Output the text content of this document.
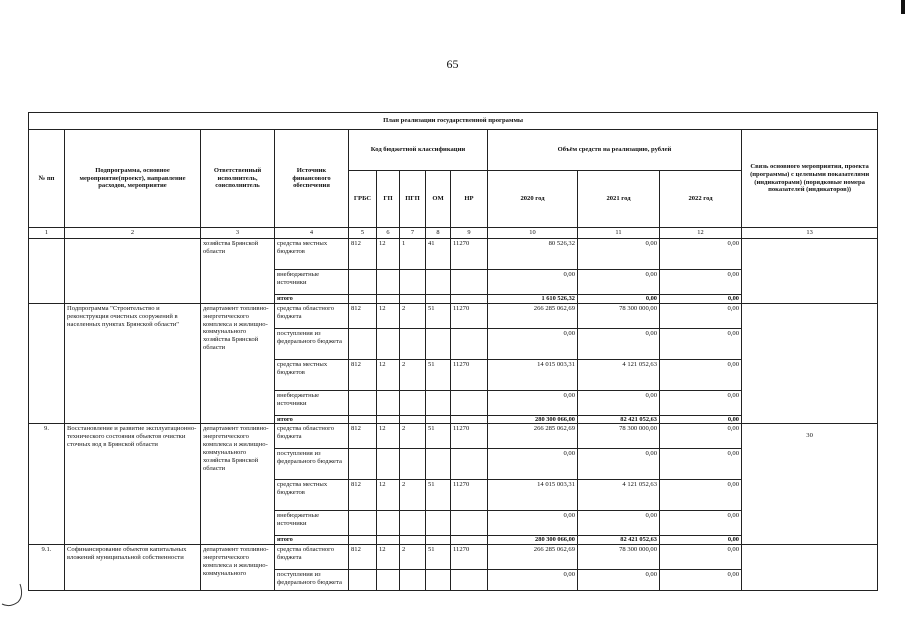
65
План реализации государственной программы												
№ пп	Подпрограмма, основное мероприятие(проект), направление расходов, мероприятие	Ответственный исполнитель, соисполнитель	Источник финансового обеспечения	Код бюджетной классификации					Объём средств на реализацию, рублей			Связь основного мероприятия, проекта (программы) с целевыми показателями (индикаторами) (порядковые номера показателей (индикаторов))
				ГРБС	ГП	ПГП	ОМ	НР	2020 год	2021 год	2022 год	
1	2	3	4	5	6	7	8	9	10	11	12	13
		хозяйства Брянской области	средства местных бюджетов	812	12	1	41	11270	80 526,32	0,00	0,00	
			внебюджетные источники						0,00	0,00	0,00	
			итого						1 610 526,32	0,00	0,00	
	Подпрограмма "Строительство и реконструкция очистных сооружений в населенных пунктах Брянской области"	департамент топливно-энергетического комплекса и жилищно-коммунального хозяйства Брянской области	средства областного бюджета	812	12	2	51	11270	266 285 062,69	78 300 000,00	0,00	
			поступления из федерального бюджета						0,00	0,00	0,00	
			средства местных бюджетов	812	12	2	51	11270	14 015 003,31	4 121 052,63	0,00	
			внебюджетные источники						0,00	0,00	0,00	
			итого						280 300 066,00	82 421 052,63	0,00	
9.	Восстановление и развитие эксплуатационно-технического состояния объектов очистки сточных вод в Брянской области	департамент топливно-энергетического комплекса и жилищно-коммунального хозяйства Брянской области	средства областного бюджета	812	12	2	51	11270	266 285 062,69	78 300 000,00	0,00	30
			поступления из федерального бюджета						0,00	0,00	0,00	
			средства местных бюджетов	812	12	2	51	11270	14 015 003,31	4 121 052,63	0,00	
			внебюджетные источники						0,00	0,00	0,00	
			итого						280 300 066,00	82 421 052,63	0,00	
9.1.	Софинансирование объектов капитальных вложений муниципальной собственности	департамент топливно-энергетического комплекса и жилищно-коммунального	средства областного бюджета	812	12	2	51	11270	266 285 062,69	78 300 000,00	0,00	
			поступления из федерального бюджета						0,00	0,00	0,00	
